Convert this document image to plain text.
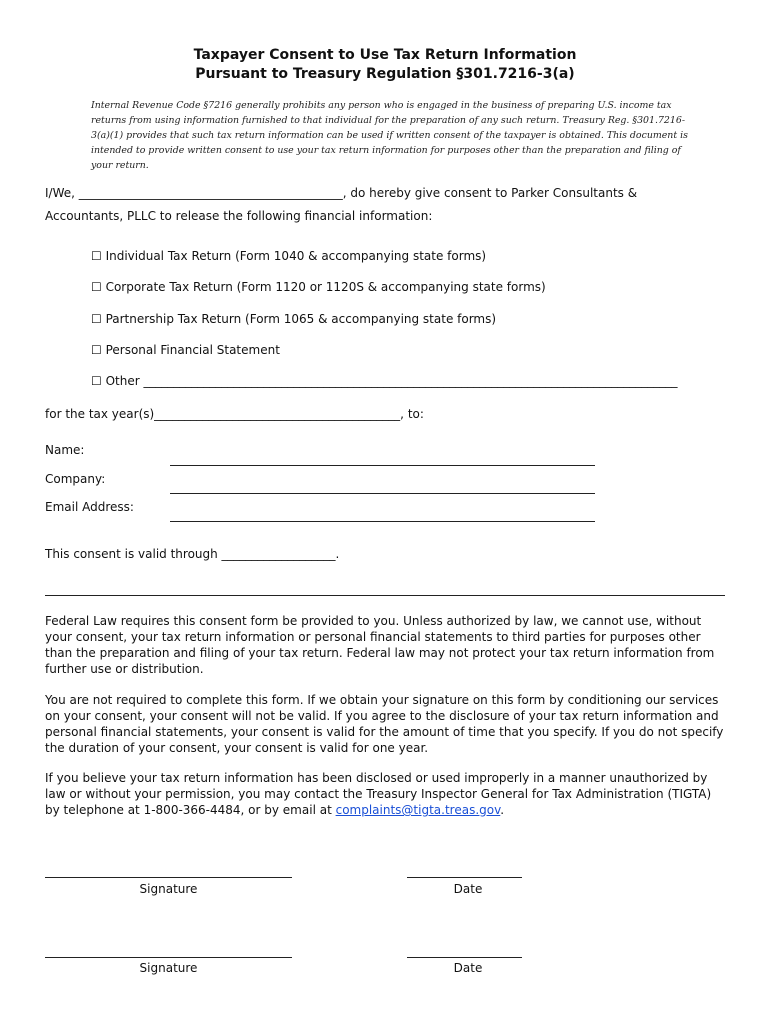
Taxpayer Consent to Use Tax Return Information
Pursuant to Treasury Regulation §301.7216-3(a)
Internal Revenue Code §7216 generally prohibits any person who is engaged in the business of preparing U.S. income tax returns from using information furnished to that individual for the preparation of any such return. Treasury Reg. §301.7216-3(a)(1) provides that such tax return information can be used if written consent of the taxpayer is obtained. This document is intended to provide written consent to use your tax return information for purposes other than the preparation and filing of your return.
I/We, ____________________________________________, do hereby give consent to Parker Consultants &
Accountants, PLLC to release the following financial information:
☐ Individual Tax Return (Form 1040 & accompanying state forms)
☐ Corporate Tax Return (Form 1120 or 1120S & accompanying state forms)
☐ Partnership Tax Return (Form 1065 & accompanying state forms)
☐ Personal Financial Statement
☐ Other _________________________________________________________________________________________
for the tax year(s)_________________________________________, to:
Name:
Company:
Email Address:
This consent is valid through ___________________.
Federal Law requires this consent form be provided to you. Unless authorized by law, we cannot use, without your consent, your tax return information or personal financial statements to third parties for purposes other than the preparation and filing of your tax return. Federal law may not protect your tax return information from further use or distribution.
You are not required to complete this form. If we obtain your signature on this form by conditioning our services on your consent, your consent will not be valid. If you agree to the disclosure of your tax return information and personal financial statements, your consent is valid for the amount of time that you specify. If you do not specify the duration of your consent, your consent is valid for one year.
If you believe your tax return information has been disclosed or used improperly in a manner unauthorized by law or without your permission, you may contact the Treasury Inspector General for Tax Administration (TIGTA) by telephone at 1-800-366-4484, or by email at complaints@tigta.treas.gov.
Signature	Date
Signature	Date
